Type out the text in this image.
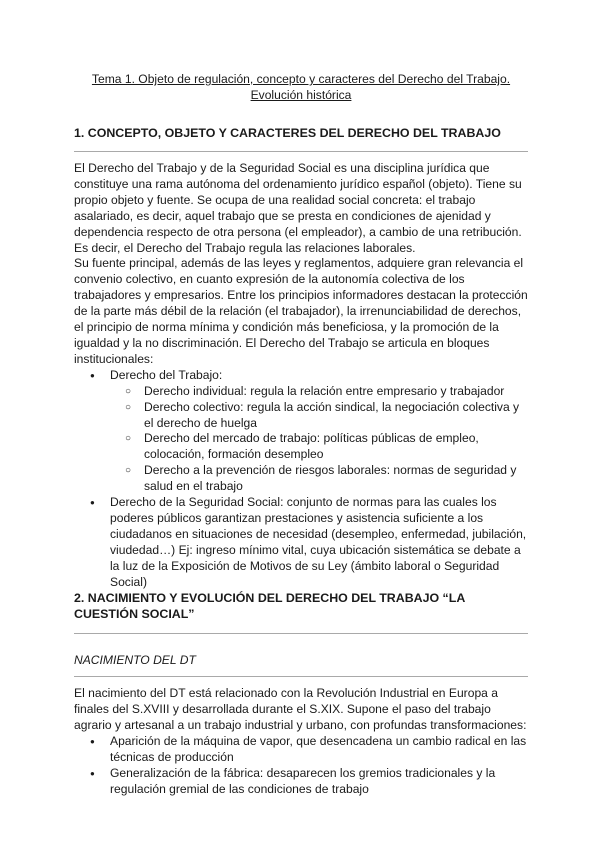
Tema 1. Objeto de regulación, concepto y caracteres del Derecho del Trabajo.
Evolución histórica

1. CONCEPTO, OBJETO Y CARACTERES DEL DERECHO DEL TRABAJO

El Derecho del Trabajo y de la Seguridad Social es una disciplina jurídica que constituye una rama autónoma del ordenamiento jurídico español (objeto). Tiene su propio objeto y fuente. Se ocupa de una realidad social concreta: el trabajo asalariado, es decir, aquel trabajo que se presta en condiciones de ajenidad y dependencia respecto de otra persona (el empleador), a cambio de una retribución. Es decir, el Derecho del Trabajo regula las relaciones laborales.

Su fuente principal, además de las leyes y reglamentos, adquiere gran relevancia el convenio colectivo, en cuanto expresión de la autonomía colectiva de los trabajadores y empresarios. Entre los principios informadores destacan la protección de la parte más débil de la relación (el trabajador), la irrenunciabilidad de derechos, el principio de norma mínima y condición más beneficiosa, y la promoción de la igualdad y la no discriminación. El Derecho del Trabajo se articula en bloques institucionales:

● Derecho del Trabajo:
○ Derecho individual: regula la relación entre empresario y trabajador
○ Derecho colectivo: regula la acción sindical, la negociación colectiva y el derecho de huelga
○ Derecho del mercado de trabajo: políticas públicas de empleo, colocación, formación desempleo
○ Derecho a la prevención de riesgos laborales: normas de seguridad y salud en el trabajo
● Derecho de la Seguridad Social: conjunto de normas para las cuales los poderes públicos garantizan prestaciones y asistencia suficiente a los ciudadanos en situaciones de necesidad (desempleo, enfermedad, jubilación, viudedad…) Ej: ingreso mínimo vital, cuya ubicación sistemática se debate a la luz de la Exposición de Motivos de su Ley (ámbito laboral o Seguridad Social)
2. NACIMIENTO Y EVOLUCIÓN DEL DERECHO DEL TRABAJO “LA CUESTIÓN SOCIAL”
NACIMIENTO DEL DT

El nacimiento del DT está relacionado con la Revolución Industrial en Europa a finales del S.XVIII y desarrollada durante el S.XIX. Supone el paso del trabajo agrario y artesanal a un trabajo industrial y urbano, con profundas transformaciones:

● Aparición de la máquina de vapor, que desencadena un cambio radical en las técnicas de producción
● Generalización de la fábrica: desaparecen los gremios tradicionales y la regulación gremial de las condiciones de trabajo
